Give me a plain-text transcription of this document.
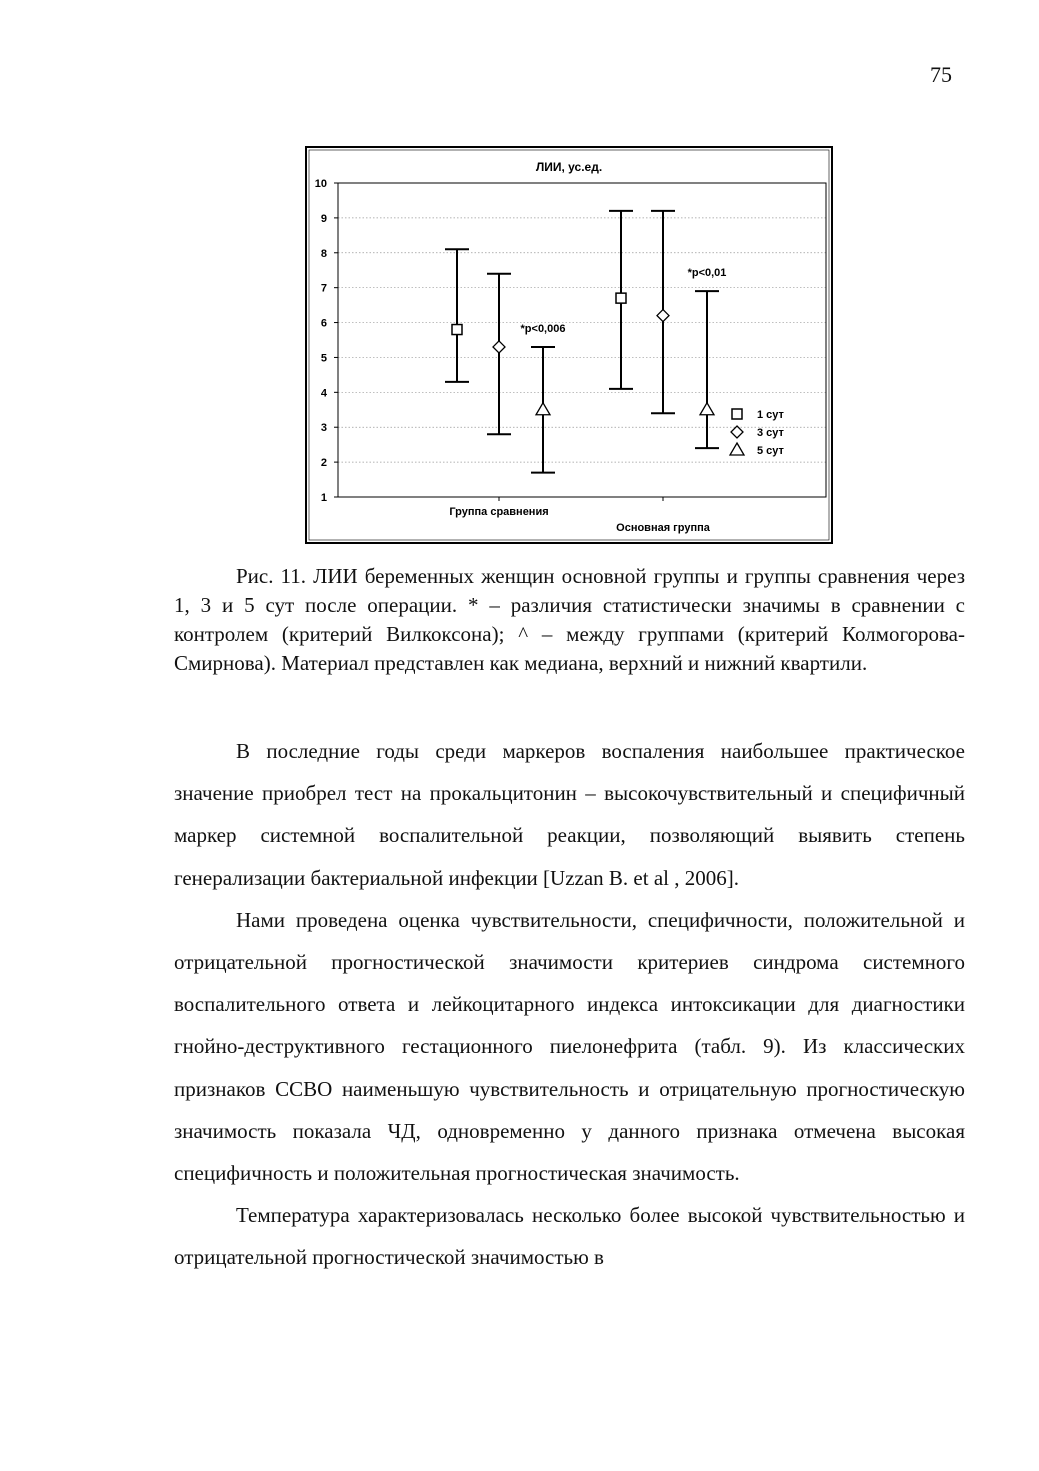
75
ЛИИ, ус.ед.
1
2
3
4
5
6
7
8
9
10
Группа сравнения
Основная группа
*p<0,006
*p<0,01
1 сут
3 сут
5 сут
Рис. 11. ЛИИ беременных женщин основной группы и группы сравнения через 1, 3 и 5 сут после операции. * – различия статистически значимы в сравнении с контролем (критерий Вилкоксона); ^ – между группами (критерий Колмогорова-Смирнова). Материал представлен как медиана, верхний и нижний квартили.

В последние годы среди маркеров воспаления наибольшее практическое значение приобрел тест на прокальцитонин – высокочувствительный и специфичный маркер системной воспалительной реакции, позволяющий выявить степень генерализации бактериальной инфекции [Uzzan B. et al , 2006].

Нами проведена оценка чувствительности, специфичности, положительной и отрицательной прогностической значимости критериев синдрома системного воспалительного ответа и лейкоцитарного индекса интоксикации для диагностики гнойно-деструктивного гестационного пиелонефрита (табл. 9). Из классических признаков ССВО наименьшую чувствительность и отрицательную прогностическую значимость показала ЧД, одновременно у данного признака отмечена высокая специфичность и положительная прогностическая значимость.

Температура характеризовалась несколько более высокой чувствительностью и отрицательной прогностической значимостью в
